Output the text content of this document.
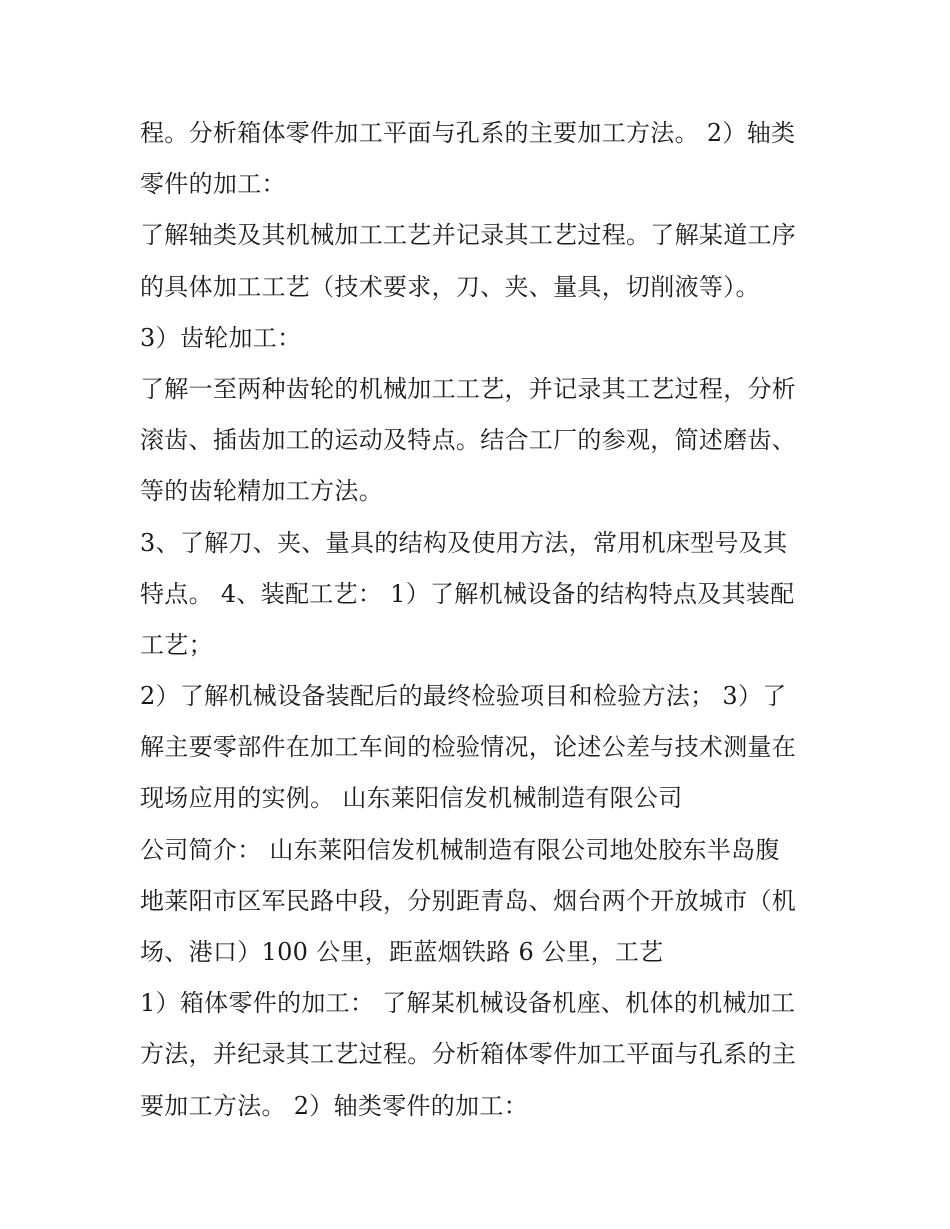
程。分析箱体零件加工平面与孔系的主要加工方法。 2）轴类
零件的加工：
了解轴类及其机械加工工艺并记录其工艺过程。了解某道工序
的具体加工工艺（技术要求，刀、夹、量具，切削液等）。
3）齿轮加工：
了解一至两种齿轮的机械加工工艺，并记录其工艺过程，分析
滚齿、插齿加工的运动及特点。结合工厂的参观，简述磨齿、
等的齿轮精加工方法。
3、了解刀、夹、量具的结构及使用方法，常用机床型号及其
特点。 4、装配工艺： 1）了解机械设备的结构特点及其装配
工艺；
2）了解机械设备装配后的最终检验项目和检验方法； 3）了
解主要零部件在加工车间的检验情况，论述公差与技术测量在
现场应用的实例。 山东莱阳信发机械制造有限公司
公司简介： 山东莱阳信发机械制造有限公司地处胶东半岛腹
地莱阳市区军民路中段，分别距青岛、烟台两个开放城市（机
场、港口）100 公里，距蓝烟铁路 6 公里，工艺
1）箱体零件的加工： 了解某机械设备机座、机体的机械加工
方法，并纪录其工艺过程。分析箱体零件加工平面与孔系的主
要加工方法。 2）轴类零件的加工：
